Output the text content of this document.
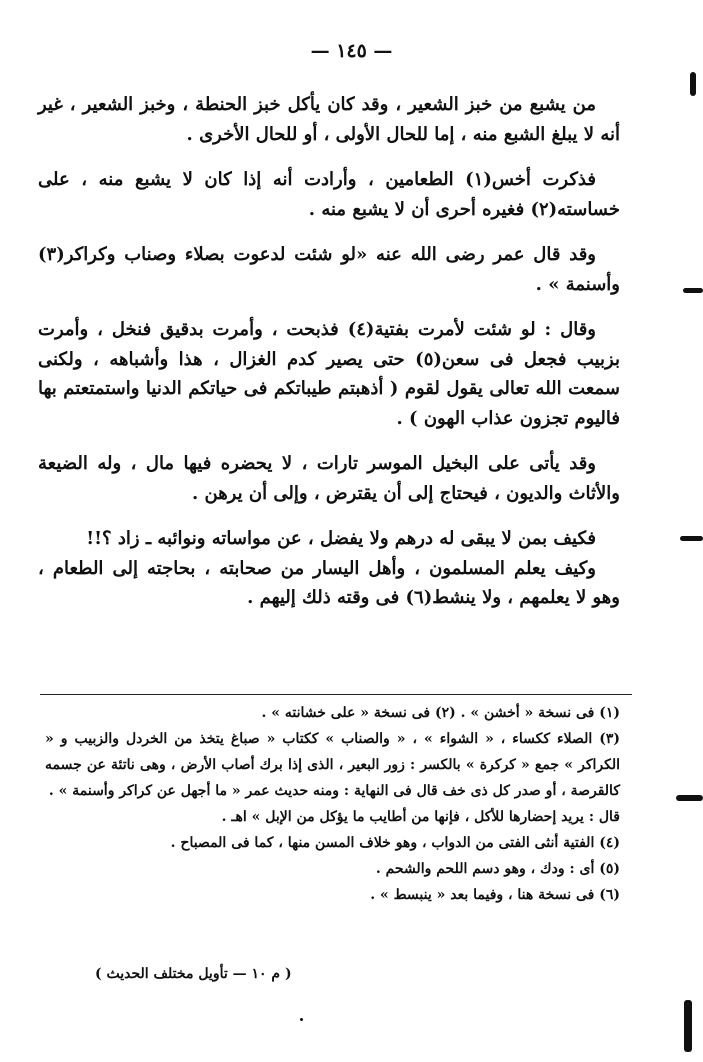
— ١٤٥ —

من يشبع من خبز الشعير ، وقد كان يأكل خبز الحنطة ، وخبز الشعير ، غير أنه لا يبلغ الشبع منه ، إما للحال الأولى ، أو للحال الأخرى .

فذكرت أخس(١) الطعامين ، وأرادت أنه إذا كان لا يشبع منه ، على خساسته(٢) فغيره أحرى أن لا يشبع منه .

وقد قال عمر رضى الله عنه «لو شئت لدعوت بصلاء وصناب وكراكر(٣) وأسنمة » .

وقال : لو شئت لأمرت بفتية(٤) فذبحت ، وأمرت بدقيق فنخل ، وأمرت بزبيب فجعل فى سعن(٥) حتى يصير كدم الغزال ، هذا وأشباهه ، ولكنى سمعت الله تعالى يقول لقوم ( أذهبتم طيباتكم فى حياتكم الدنيا واستمتعتم بها فاليوم تجزون عذاب الهون ) .

وقد يأتى على البخيل الموسر تارات ، لا يحضره فيها مال ، وله الضيعة والأثاث والديون ، فيحتاج إلى أن يقترض ، وإلى أن يرهن .

فكيف بمن لا يبقى له درهم ولا يفضل ، عن مواساته ونوائبه ـ زاد ؟!!

وكيف يعلم المسلمون ، وأهل اليسار من صحابته ، بحاجته إلى الطعام ، وهو لا يعلمهم ، ولا ينشط(٦) فى وقته ذلك إليهم .

(١) فى نسخة « أخشن » . (٢) فى نسخة « على خشانته » .

(٣) الصلاء ككساء ، « الشواء » ، « والصناب » ككتاب « صباغ يتخذ من الخردل والزبيب و « الكراكر » جمع « كركرة » بالكسر : زور البعير ، الذى إذا برك أصاب الأرض ، وهى ناتئة عن جسمه كالقرصة ، أو صدر كل ذى خف قال فى النهاية : ومنه حديث عمر « ما أجهل عن كراكر وأسنمة » .

قال : يريد إحضارها للأكل ، فإنها من أطايب ما يؤكل من الإبل » اهـ .

(٤) الفتية أنثى الفتى من الدواب ، وهو خلاف المسن منها ، كما فى المصباح .

(٥) أى : ودك ، وهو دسم اللحم والشحم .

(٦) فى نسخة هنا ، وفيما بعد « ينبسط » .

( م ١٠ — تأويل مختلف الحديث )
